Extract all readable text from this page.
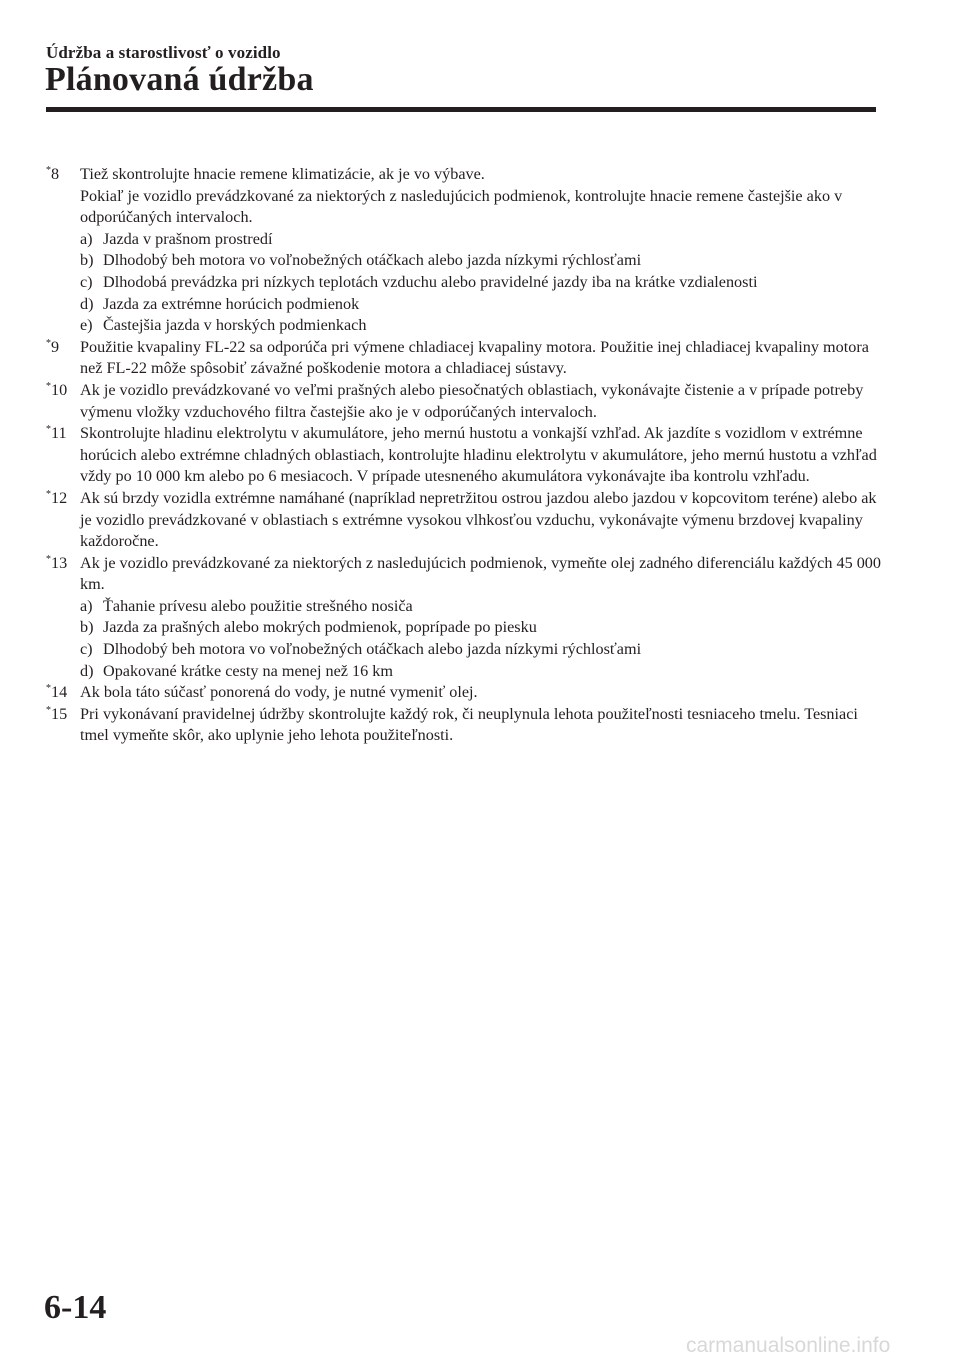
Údržba a starostlivosť o vozidlo
Plánovaná údržba
*8	Tiež skontrolujte hnacie remene klimatizácie, ak je vo výbave.

Pokiaľ je vozidlo prevádzkované za niektorých z nasledujúcich podmienok, kontrolujte hnacie remene častejšie ako v odporúčaných intervaloch.

a) Jazda v prašnom prostredí
b) Dlhodobý beh motora vo voľnobežných otáčkach alebo jazda nízkymi rýchlosťami
c) Dlhodobá prevádzka pri nízkych teplotách vzduchu alebo pravidelné jazdy iba na krátke vzdialenosti
d) Jazda za extrémne horúcich podmienok
e) Častejšia jazda v horských podmienkach
*9	Použitie kvapaliny FL-22 sa odporúča pri výmene chladiacej kvapaliny motora. Použitie inej chladiacej kvapaliny motora než FL-22 môže spôsobiť závažné poškodenie motora a chladiacej sústavy.

*10 Ak je vozidlo prevádzkované vo veľmi prašných alebo piesočnatých oblastiach, vykonávajte čistenie a v prípade potreby výmenu vložky vzduchového filtra častejšie ako je v odporúčaných intervaloch.

*11 Skontrolujte hladinu elektrolytu v akumulátore, jeho mernú hustotu a vonkajší vzhľad. Ak jazdíte s vozidlom v extrémne horúcich alebo extrémne chladných oblastiach, kontrolujte hladinu elektrolytu v akumulátore, jeho mernú hustotu a vzhľad vždy po 10 000 km alebo po 6 mesiacoch. V prípade utesneného akumulátora vykonávajte iba kontrolu vzhľadu.

*12 Ak sú brzdy vozidla extrémne namáhané (napríklad nepretržitou ostrou jazdou alebo jazdou v kopcovitom teréne) alebo ak je vozidlo prevádzkované v oblastiach s extrémne vysokou vlhkosťou vzduchu, vykonávajte výmenu brzdovej kvapaliny každoročne.

*13 Ak je vozidlo prevádzkované za niektorých z nasledujúcich podmienok, vymeňte olej zadného diferenciálu každých 45 000 km.

a) Ťahanie prívesu alebo použitie strešného nosiča
b) Jazda za prašných alebo mokrých podmienok, poprípade po piesku
c) Dlhodobý beh motora vo voľnobežných otáčkach alebo jazda nízkymi rýchlosťami
d) Opakované krátke cesty na menej než 16 km
*14 Ak bola táto súčasť ponorená do vody, je nutné vymeniť olej.

*15 Pri vykonávaní pravidelnej údržby skontrolujte každý rok, či neuplynula lehota použiteľnosti tesniaceho tmelu. Tesniaci tmel vymeňte skôr, ako uplynie jeho lehota použiteľnosti.

6-14
carmanualsonline.info
